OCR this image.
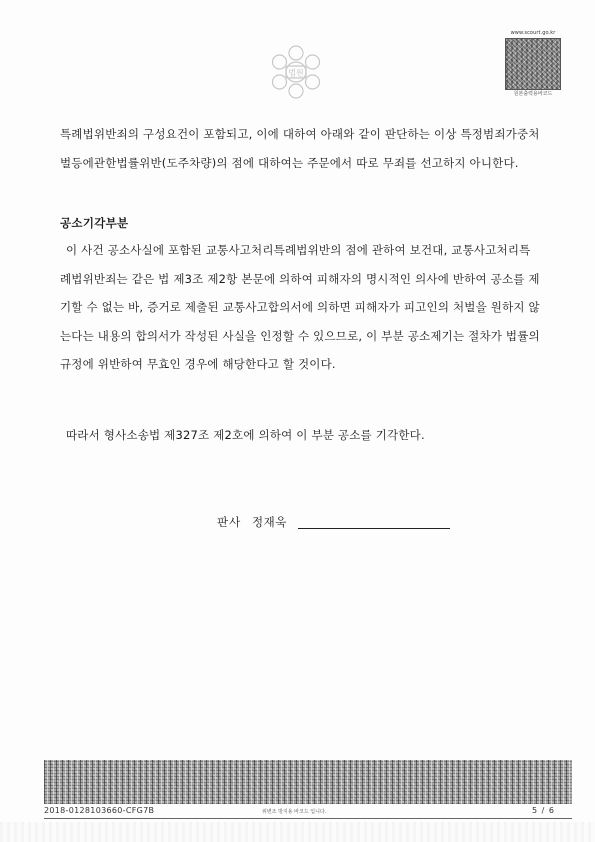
법원
www.scourt.go.kr
원본출력용바코드

특례법위반죄의 구성요건이 포함되고, 이에 대하여 아래와 같이 판단하는 이상 특정범죄가중처벌등에관한법률위반(도주차량)의 점에 대하여는 주문에서 따로 무죄를 선고하지 아니한다.

공소기각부분

이 사건 공소사실에 포함된 교통사고처리특례법위반의 점에 관하여 보건대, 교통사고처리특례법위반죄는 같은 법 제3조 제2항 본문에 의하여 피해자의 명시적인 의사에 반하여 공소를 제기할 수 없는 바, 증거로 제출된 교통사고합의서에 의하면 피해자가 피고인의 처벌을 원하지 않는다는 내용의 합의서가 작성된 사실을 인정할 수 있으므로, 이 부분 공소제기는 절차가 법률의 규정에 위반하여 무효인 경우에 해당한다고 할 것이다.

따라서 형사소송법 제327조 제2호에 의하여 이 부분 공소를 기각한다.

판사 정재욱
2018-0128103660-CFG7B	위변조 방지용 바코드 입니다.	5 / 6
